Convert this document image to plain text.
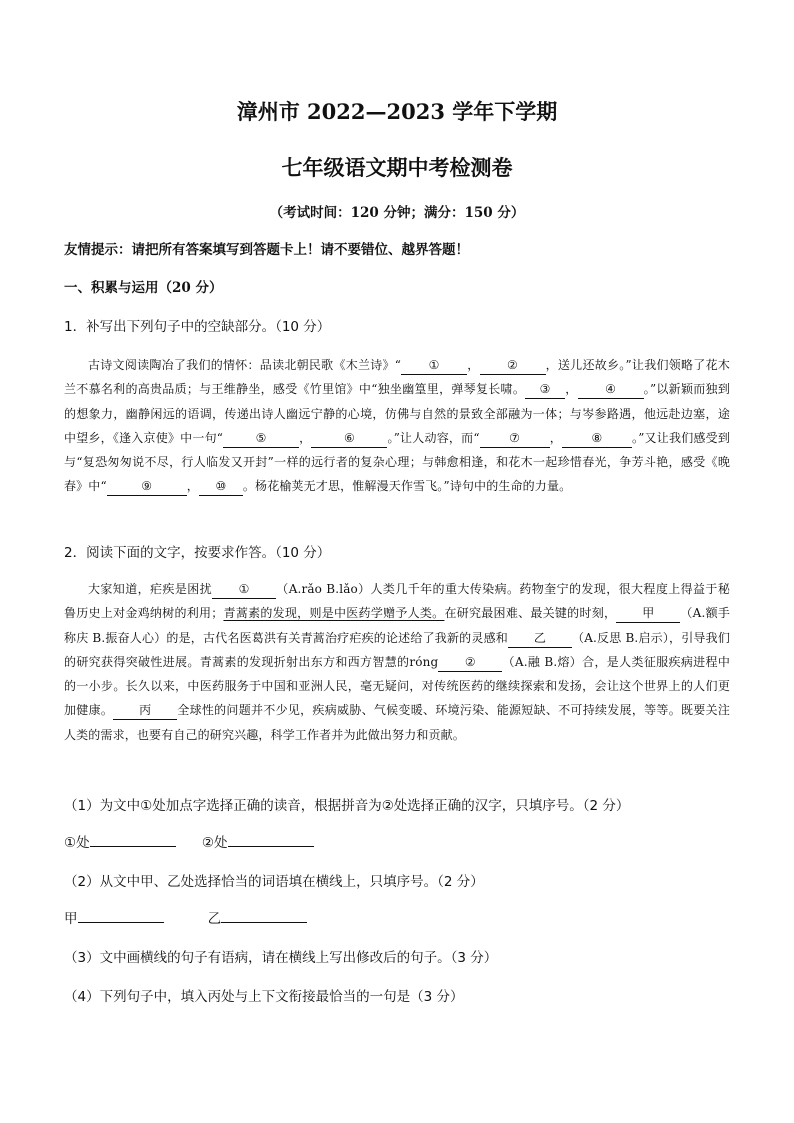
漳州市 2022—2023 学年下学期
七年级语文期中考检测卷

（考试时间：120 分钟；满分：150 分）

友情提示：请把所有答案填写到答题卡上！请不要错位、越界答题！

一、积累与运用（20 分）

1．补写出下列句子中的空缺部分。（10 分）

古诗文阅读陶冶了我们的情怀：品读北朝民歌《木兰诗》“ ① ， ② ，送儿还故乡。”让我们领略了花木兰不慕名利的高贵品质；与王维静坐，感受《竹里馆》中“独坐幽篁里，弹琴复长啸。 ③ ， ④ 。”以新颖而独到的想象力，幽静闲远的语调，传递出诗人幽远宁静的心境，仿佛与自然的景致全部融为一体；与岑参路遇，他远赴边塞，途中望乡，《逢入京使》中一句“	⑤	，	⑥	。”让人动容，而“ ⑦ ， ⑧ 。”又让我们感受到与“复恐匆匆说不尽，行人临发又开封”一样的远行者的复杂心理；与韩愈相逢，和花木一起珍惜春光，争芳斗艳，感受《晚春》中“	⑨	， ⑩ 。杨花榆荚无才思，惟解漫天作雪飞。”诗句中的生命的力量。

2．阅读下面的文字，按要求作答。（10 分）

大家知道，疟疾是困扰 ① （A.rǎo B.lǎo）人类几千年的重大传染病。药物奎宁的发现，很大程度上得益于秘鲁历史上对金鸡纳树的利用；青蒿素的发现，则是中医药学赠予人类。在研究最困难、最关键的时刻， 甲 （A.额手称庆 B.振奋人心）的是，古代名医葛洪有关青蒿治疗疟疾的论述给了我新的灵感和 乙 （A.反思 B.启示），引导我们的研究获得突破性进展。青蒿素的发现折射出东方和西方智慧的róng ② （A.融 B.熔）合，是人类征服疾病进程中的一小步。长久以来，中医药服务于中国和亚洲人民，毫无疑问，对传统医药的继续探索和发扬，会让这个世界上的人们更加健康。 丙 全球性的问题并不少见，疾病威胁、气候变暖、环境污染、能源短缺、不可持续发展，等等。既要关注人类的需求，也要有自己的研究兴趣，科学工作者并为此做出努力和贡献。

（1）为文中①处加点字选择正确的读音，根据拼音为②处选择正确的汉字，只填序号。（2 分）

①处	②处

（2）从文中甲、乙处选择恰当的词语填在横线上，只填序号。（2 分）

甲	乙

（3）文中画横线的句子有语病，请在横线上写出修改后的句子。（3 分）

（4）下列句子中，填入丙处与上下文衔接最恰当的一句是（3 分）
